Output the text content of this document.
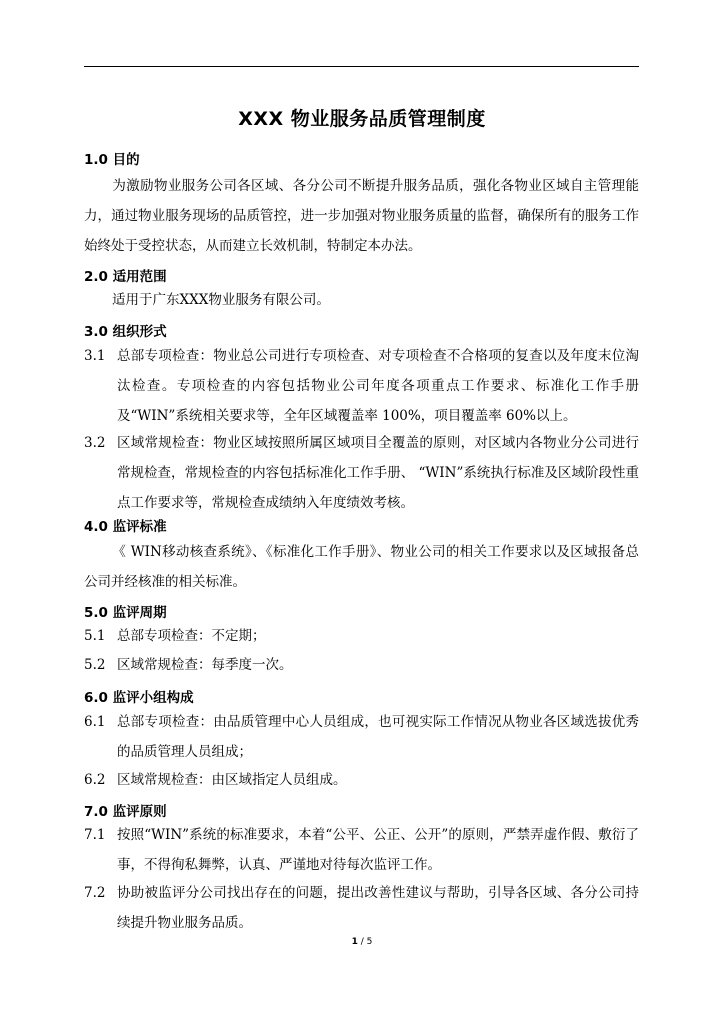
XXX 物业服务品质管理制度
1.0 目的
为激励物业服务公司各区域、各分公司不断提升服务品质，强化各物业区域自主管理能力，通过物业服务现场的品质管控，进一步加强对物业服务质量的监督，确保所有的服务工作始终处于受控状态，从而建立长效机制，特制定本办法。
2.0 适用范围
适用于广东XXX物业服务有限公司。
3.0 组织形式
3.1 总部专项检查：物业总公司进行专项检查、对专项检查不合格项的复查以及年度末位淘汰检查。专项检查的内容包括物业公司年度各项重点工作要求、标准化工作手册及“WIN”系统相关要求等，全年区域覆盖率 100%，项目覆盖率 60%以上。
3.2 区域常规检查：物业区域按照所属区域项目全覆盖的原则，对区域内各物业分公司进行常规检查，常规检查的内容包括标准化工作手册、 “WIN”系统执行标准及区域阶段性重点工作要求等，常规检查成绩纳入年度绩效考核。
4.0 监评标准
《 WIN移动核查系统》、《标准化工作手册》、物业公司的相关工作要求以及区域报备总公司并经核准的相关标准。
5.0 监评周期
5.1 总部专项检查：不定期；
5.2 区域常规检查：每季度一次。
6.0 监评小组构成
6.1 总部专项检查：由品质管理中心人员组成，也可视实际工作情况从物业各区域选拔优秀的品质管理人员组成；
6.2 区域常规检查：由区域指定人员组成。
7.0 监评原则
7.1 按照“WIN”系统的标准要求，本着“公平、公正、公开”的原则，严禁弄虚作假、敷衍了事，不得徇私舞弊，认真、严谨地对待每次监评工作。
7.2 协助被监评分公司找出存在的问题，提出改善性建议与帮助，引导各区域、各分公司持续提升物业服务品质。
1 / 5
